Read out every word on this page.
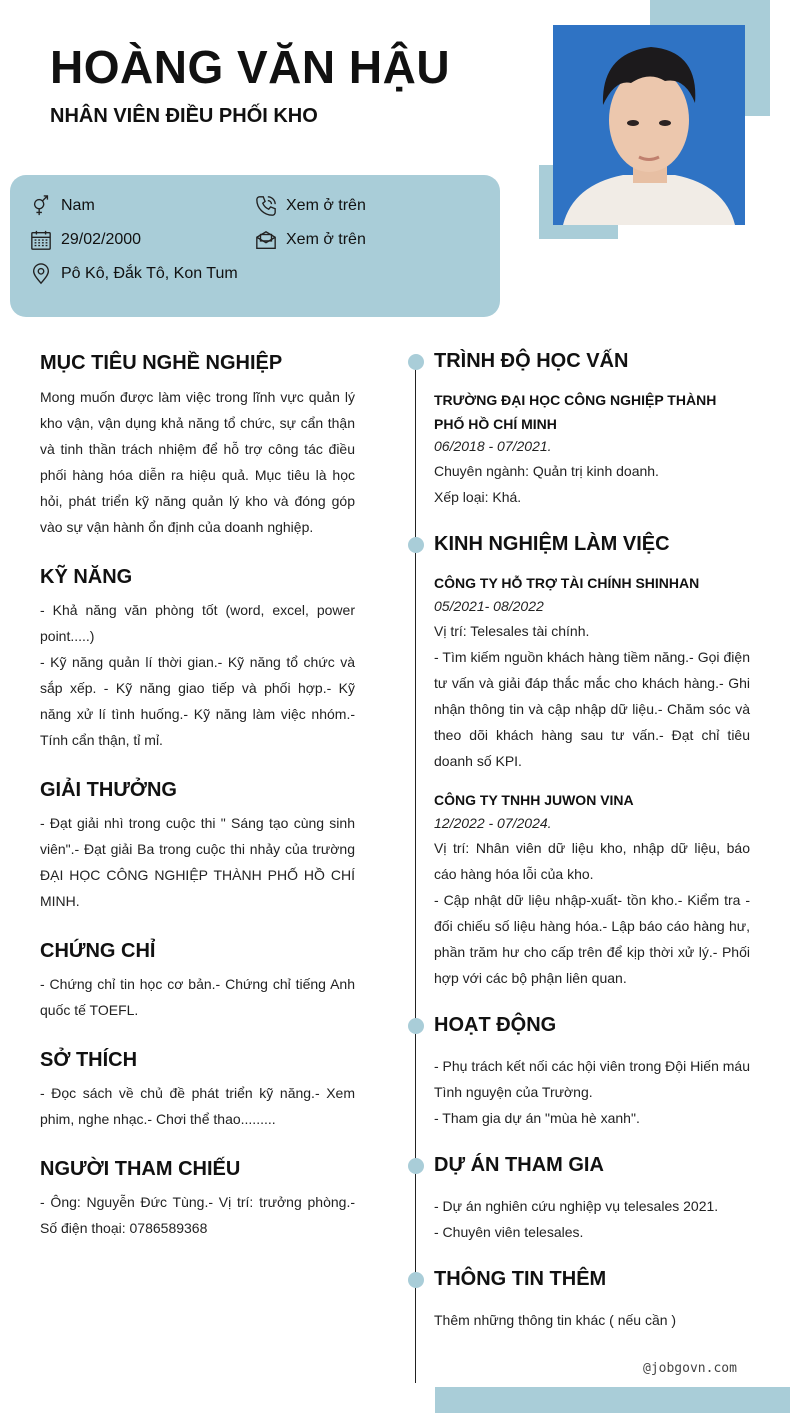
HOÀNG VĂN HẬU
NHÂN VIÊN ĐIỀU PHỐI KHO
Nam
29/02/2000
Pô Kô, Đắk Tô, Kon Tum
Xem ở trên
Xem ở trên
MỤC TIÊU NGHỀ NGHIỆP
Mong muốn được làm việc trong lĩnh vực quản lý kho vận, vận dụng khả năng tổ chức, sự cẩn thận và tinh thần trách nhiệm để hỗ trợ công tác điều phối hàng hóa diễn ra hiệu quả. Mục tiêu là học hỏi, phát triển kỹ năng quản lý kho và đóng góp vào sự vận hành ổn định của doanh nghiệp.
KỸ NĂNG
- Khả năng văn phòng tốt (word, excel, power point.....)
- Kỹ năng quản lí thời gian.- Kỹ năng tổ chức và sắp xếp. - Kỹ năng giao tiếp và phối hợp.- Kỹ năng xử lí tình huống.- Kỹ năng làm việc nhóm.- Tính cẩn thận, tỉ mỉ.
GIẢI THƯỞNG
- Đạt giải nhì trong cuộc thi " Sáng tạo cùng sinh viên".- Đạt giải Ba trong cuộc thi nhảy của trường ĐẠI HỌC CÔNG NGHIỆP THÀNH PHỐ HỒ CHÍ MINH.
CHỨNG CHỈ
- Chứng chỉ tin học cơ bản.- Chứng chỉ tiếng Anh quốc tế TOEFL.
SỞ THÍCH
- Đọc sách về chủ đề phát triển kỹ năng.- Xem phim, nghe nhạc.- Chơi thể thao.........
NGƯỜI THAM CHIẾU
- Ông: Nguyễn Đức Tùng.- Vị trí: trưởng phòng.- Số điện thoại: 0786589368
TRÌNH ĐỘ HỌC VẤN
TRƯỜNG ĐẠI HỌC CÔNG NGHIỆP THÀNH PHỐ HỒ CHÍ MINH
06/2018 - 07/2021.
Chuyên ngành: Quản trị kinh doanh.
Xếp loại: Khá.
KINH NGHIỆM LÀM VIỆC
CÔNG TY HỖ TRỢ TÀI CHÍNH SHINHAN
05/2021- 08/2022
Vị trí: Telesales tài chính.
- Tìm kiếm nguồn khách hàng tiềm năng.- Gọi điện tư vấn và giải đáp thắc mắc cho khách hàng.- Ghi nhận thông tin và cập nhập dữ liệu.- Chăm sóc và theo dõi khách hàng sau tư vấn.- Đạt chỉ tiêu doanh số KPI.
CÔNG TY TNHH JUWON VINA
12/2022 - 07/2024.
Vị trí: Nhân viên dữ liệu kho, nhập dữ liệu, báo cáo hàng hóa lỗi của kho.
- Cập nhật dữ liệu nhập-xuất- tồn kho.- Kiểm tra - đối chiếu số liệu hàng hóa.- Lập báo cáo hàng hư, phần trăm hư cho cấp trên để kịp thời xử lý.- Phối hợp với các bộ phận liên quan.
HOẠT ĐỘNG
- Phụ trách kết nối các hội viên trong Đội Hiến máu Tình nguyện của Trường.
- Tham gia dự án "mùa hè xanh".
DỰ ÁN THAM GIA
- Dự án nghiên cứu nghiệp vụ telesales 2021.
- Chuyên viên telesales.
THÔNG TIN THÊM
Thêm những thông tin khác ( nếu cần )
@jobgovn.com
